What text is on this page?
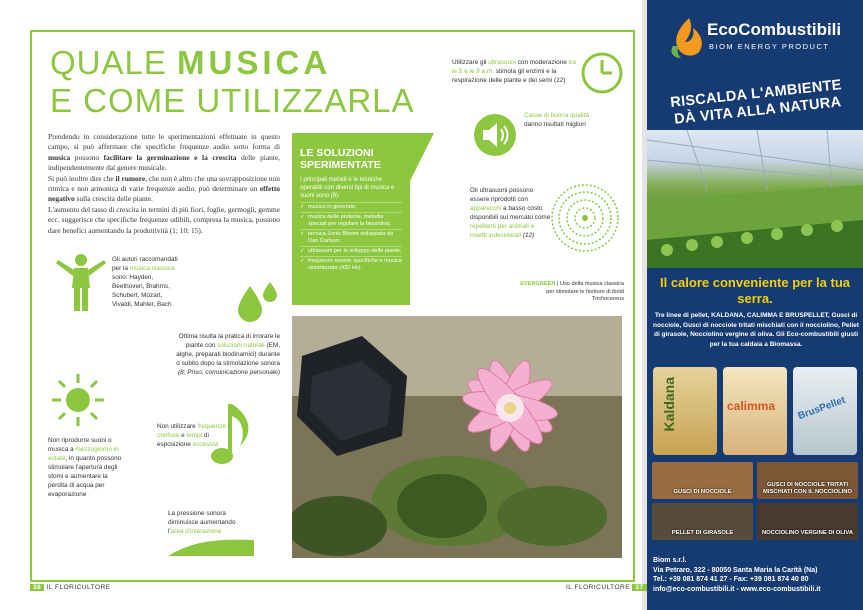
QUALE MUSICA
E COME UTILIZZARLA

Prendendo in considerazione tutte le sperimentazioni effettuate in questo campo, si può affermare che specifiche frequenze audio sotto forma di musica possono facilitare la germinazione e la crescita delle piante, indipendentemente dal genere musicale.

Si può inoltre dire che il rumore, che non è altro che una sovrapposizione non ritmica e non armonica di varie frequenze audio, può determinare un effetto negativo sulla crescita delle piante.

L'aumento del tasso di crescita in termini di più fiori, foglie, germogli, gemme ecc. suggerisce che specifiche frequenze udibili, compresa la musica, possono dare benefici aumentando la produttività (1; 10; 15).

LE SOLUZIONI SPERIMENTATE
I principali metodi e le tecniche operabili con diversi tipi di musica e suoni sono (8):
✓ musica in generale;
✓ musica delle proteine, melodie speciali per regolare la biosintesi;
✓ tecnica Sonic Bloom sviluppata da Dan Carlson;
✓ ultrasuoni per lo sviluppo delle piante;
✓ frequenze sonore specifiche e musica sintonizzata (432 Hz).
Gli autori raccomandati per la musica classica sono: Hayden, Beethoven, Brahms, Schubert, Mozart, Vivaldi, Mahler, Bach
Ottima risulta la pratica di irrorare le piante con soluzioni naturali (EM, alghe, preparati biodinamici) durante o subito dopo la stimolazione sonora (8; Priso, comunicazione personale)
Non riprodurre suoni o musica a mezzogiorno in estate, in quanto possono stimolare l'apertura degli stomi e aumentare la perdita di acqua per evaporazione
Non utilizzare frequenze confuse e tempi di esposizione eccessivi
La pressione sonora diminuisce aumentando l'area d'interazione
Utilizzare gli ultrasuoni con moderazione tra le 5 e le 9 a.m. stimola gli enzimi e la respirazione delle piante e dei semi (12)
Casse di buona qualità danno risultati migliori
Gli ultrasuoni possono essere riprodotti con apparecchi a basso costo disponibili sul mercato come repellenti per animali e insetti indesiderati (12)
EVERGREEN | Uso della musica classica per stimolare le fioriture di ibridi Trichocereus
36 IL FLORICULTORE	IL FLORICULTORE 37
EcoCombustibili
BIOM ENERGY PRODUCT
RISCALDA L'AMBIENTE DÀ VITA ALLA NATURA
Il calore conveniente per la tua serra.
Tre linee di pellet, KALDANA, CALIMMA E BRUSPELLET, Gusci di nocciole, Gusci di nocciole tritati mischiati con il nocciolino, Pellet di girasole, Nocciolino vergine di oliva. Gli Eco-combustibili giusti per la tua caldaia a Biomassa.
Kaldana	calimma BrusPellet
GUSCI DI NOCCIOLE
GUSCI DI NOCCIOLE TRITATI MISCHIATI CON IL NOCCIOLINO
PELLET DI GIRASOLE	NOCCIOLINO VERGINE DI OLIVA
Biom s.r.l.
Via Petraro, 322 - 80050 Santa Maria la Carità (Na)
Tel.: +39 081 874 41 27 - Fax: +39 081 874 40 80
info@eco-combustibili.it - www.eco-combustibili.it
